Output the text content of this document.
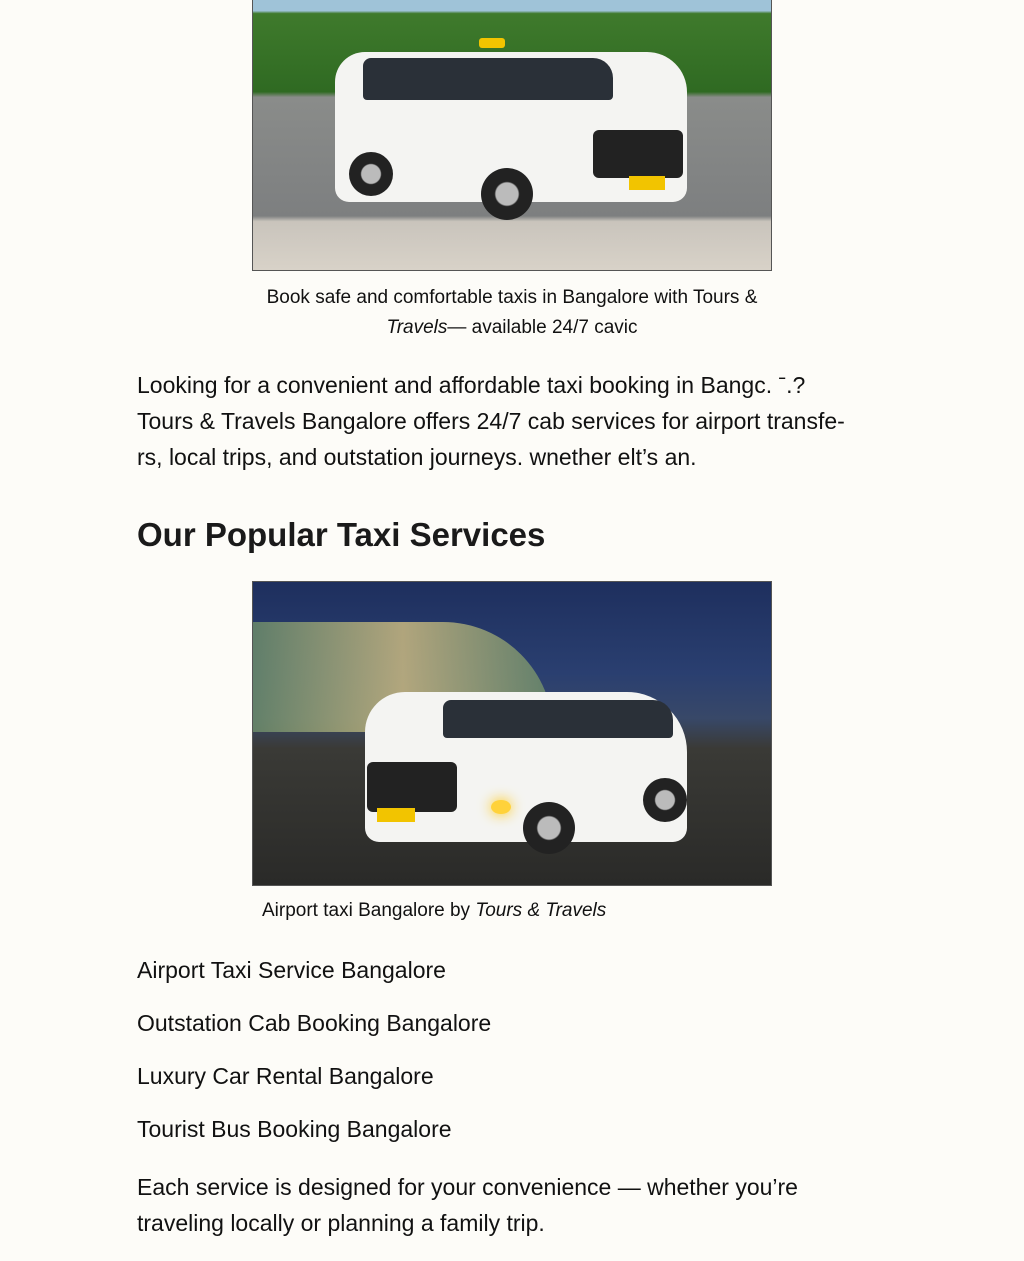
Book safe and comfortable taxis in Bangalore with Tours &
Travels— available 24/7 cavic
Looking for a convenient and affordable taxi booking in Bangc. ˉ.?
Tours & Travels Bangalore offers 24/7 cab services for airport transfe-
rs, local trips, and outstation journeys. wnether elt’s an.
Our Popular Taxi Services
Airport taxi Bangalore by Tours & Travels
Airport Taxi Service Bangalore
Outstation Cab Booking Bangalore
Luxury Car Rental Bangalore
Tourist Bus Booking Bangalore
Each service is designed for your convenience — whether you’re
traveling locally or planning a family trip.
